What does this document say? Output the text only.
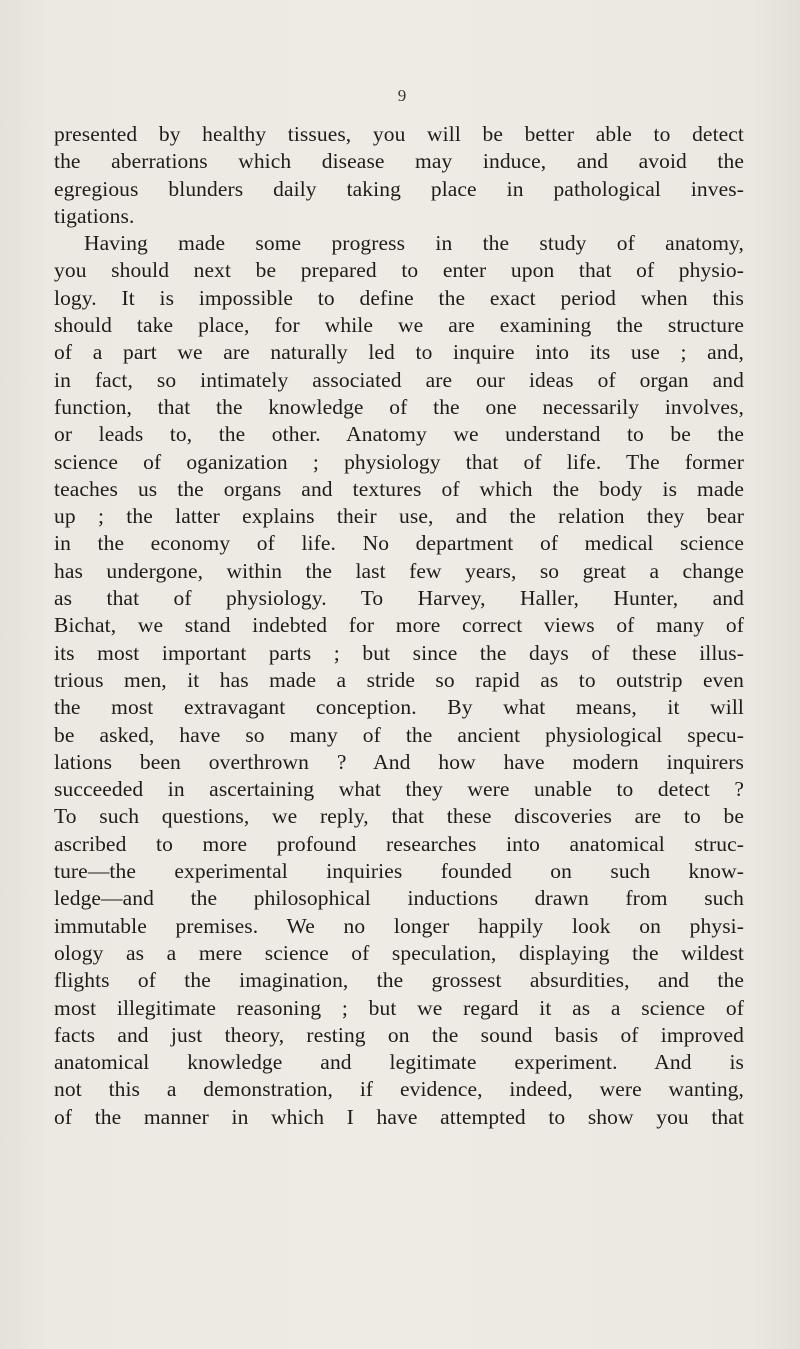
9
presented by healthy tissues, you will be better able to detect
the aberrations which disease may induce, and avoid the
egregious blunders daily taking place in pathological inves-
tigations.
Having made some progress in the study of anatomy,
you should next be prepared to enter upon that of physio-
logy. It is impossible to define the exact period when this
should take place, for while we are examining the structure
of a part we are naturally led to inquire into its use ; and,
in fact, so intimately associated are our ideas of organ and
function, that the knowledge of the one necessarily involves,
or leads to, the other. Anatomy we understand to be the
science of oganization ; physiology that of life. The former
teaches us the organs and textures of which the body is made
up ; the latter explains their use, and the relation they bear
in the economy of life. No department of medical science
has undergone, within the last few years, so great a change
as that of physiology. To Harvey, Haller, Hunter, and
Bichat, we stand indebted for more correct views of many of
its most important parts ; but since the days of these illus-
trious men, it has made a stride so rapid as to outstrip even
the most extravagant conception. By what means, it will
be asked, have so many of the ancient physiological specu-
lations been overthrown ? And how have modern inquirers
succeeded in ascertaining what they were unable to detect ?
To such questions, we reply, that these discoveries are to be
ascribed to more profound researches into anatomical struc-
ture—the experimental inquiries founded on such know-
ledge—and the philosophical inductions drawn from such
immutable premises. We no longer happily look on physi-
ology as a mere science of speculation, displaying the wildest
flights of the imagination, the grossest absurdities, and the
most illegitimate reasoning ; but we regard it as a science of
facts and just theory, resting on the sound basis of improved
anatomical knowledge and legitimate experiment. And is
not this a demonstration, if evidence, indeed, were wanting,
of the manner in which I have attempted to show you that
